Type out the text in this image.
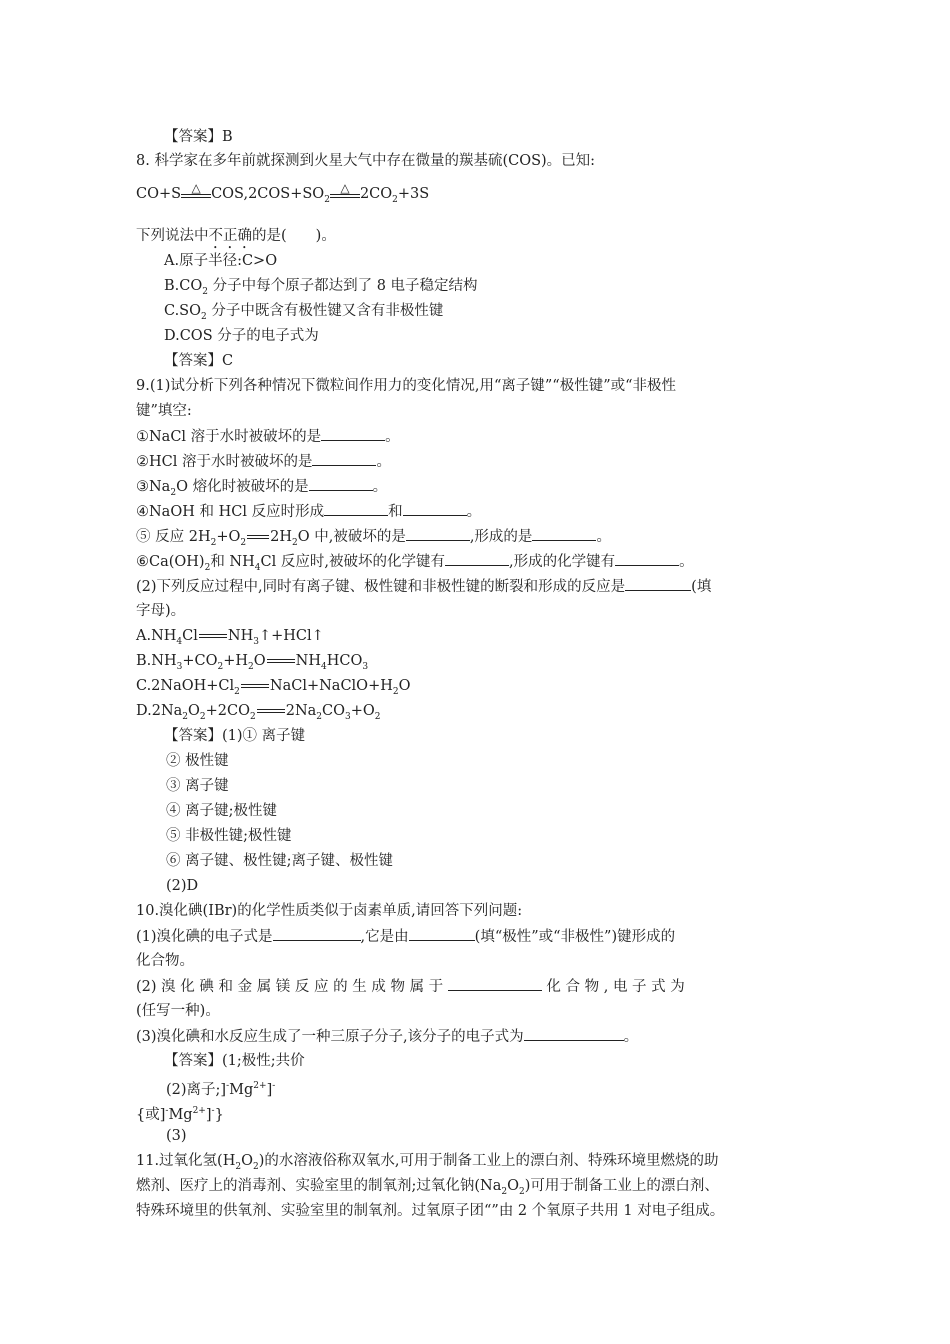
【答案】B
8. 科学家在多年前就探测到火星大气中存在微量的羰基硫(COS)。已知:
CO+S △ $COS,2COS+SO_2$
△ $2CO_2+3S$
下列说法中不正确的是(　　)。
A.原子半径:C>O
$B.CO_2$ 分子中每个原子都达到了 8 电子稳定结构
$C.SO_2$ 分子中既含有极性键又含有非极性键
D.COS 分子的电子式为
【答案】C
9.(1)试分析下列各种情况下微粒间作用力的变化情况,用“离子键”“极性键”或“非极性
键”填空:
①NaCl 溶于水时被破坏的是	。
②HCl 溶于水时被破坏的是	。
$③Na_2O$ 熔化时被破坏的是	。
④NaOH 和 HCl 反应时形成	和	。
⑤ 反应 $2H_2+O_2$ $2H_2O$ 中,被破坏的是	,形成的是	。
$⑥Ca(OH)_2$和 $NH_4Cl$ 反应时,被破坏的化学键有	,形成的化学键有	。
(2)下列反应过程中,同时有离子键、极性键和非极性键的断裂和形成的反应是	(填
字母)。
$A.NH_4Cl$ $NH_3↑+HCl↑$
$B.NH_3+CO_2+H_2O$ $NH_4HCO_3$
$C.2NaOH+Cl_2$ $NaCl+NaClO+H_2O$
$D.2Na_2O_2+2CO_2$ $2Na_2CO_3+O_2$
【答案】(1)① 离子键
② 极性键
③ 离子键
④ 离子键;极性键
⑤ 非极性键;极性键
⑥ 离子键、极性键;离子键、极性键
(2)D
10.溴化碘(IBr)的化学性质类似于卤素单质,请回答下列问题:
(1)溴化碘的电子式是	,它是由	(填“极性”或“非极性”)键形成的
化合物。
(2) 溴 化 碘 和 金 属 镁 反 应 的 生 成 物 属 于	化 合 物 , 电 子 式 为
(任写一种)。
(3)溴化碘和水反应生成了一种三原子分子,该分子的电子式为	。
【答案】(1;极性;共价
(2)离子$;]^-Mg^{2+}]^-$
{或]$^-Mg^{2+}]^-$}
(3)
11.过氧化氢$(H_2O_2)$的水溶液俗称双氧水,可用于制备工业上的漂白剂、特殊环境里燃烧的助
燃剂、医疗上的消毒剂、实验室里的制氧剂;过氧化钠$(Na_2O_2)$可用于制备工业上的漂白剂、
特殊环境里的供氧剂、实验室里的制氧剂。过氧原子团“”由 2 个氧原子共用 1 对电子组成。
